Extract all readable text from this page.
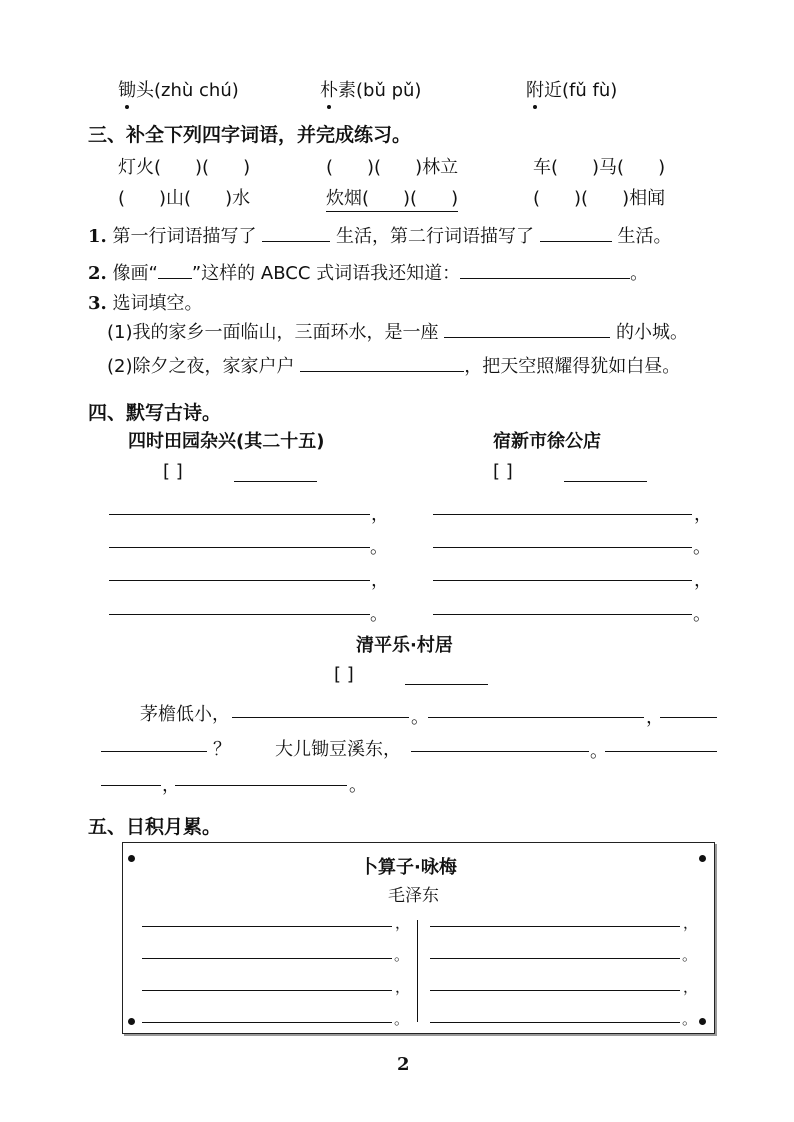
锄头(zhù chú)	朴素(bǔ pǔ)	附近(fǔ fù)
三、补全下列四字词语，并完成练习。
灯火( )( )	( )( )林立	车( )马( )
( )山( )水	炊烟( )( )	( )( )相闻
1. 第一行词语描写了	生活，第二行词语描写了	生活。
2. 像画“ ”这样的 ABCC 式词语我还知道：	。
3. 选词填空。
(1)我的家乡一面临山，三面环水，是一座	的小城。
(2)除夕之夜，家家户户	，把天空照耀得犹如白昼。
四、默写古诗。
四时田园杂兴(其二十五)	宿新市徐公店
[ ]	[ ]
，
。
，
。
，
。
，
。
清平乐·村居
[ ]
茅檐低小，	。	，
？ 大儿锄豆溪东，	。
，	。
五、日积月累。
卜算子·咏梅
毛泽东
，
。
，
。
，
。
，
。
2
